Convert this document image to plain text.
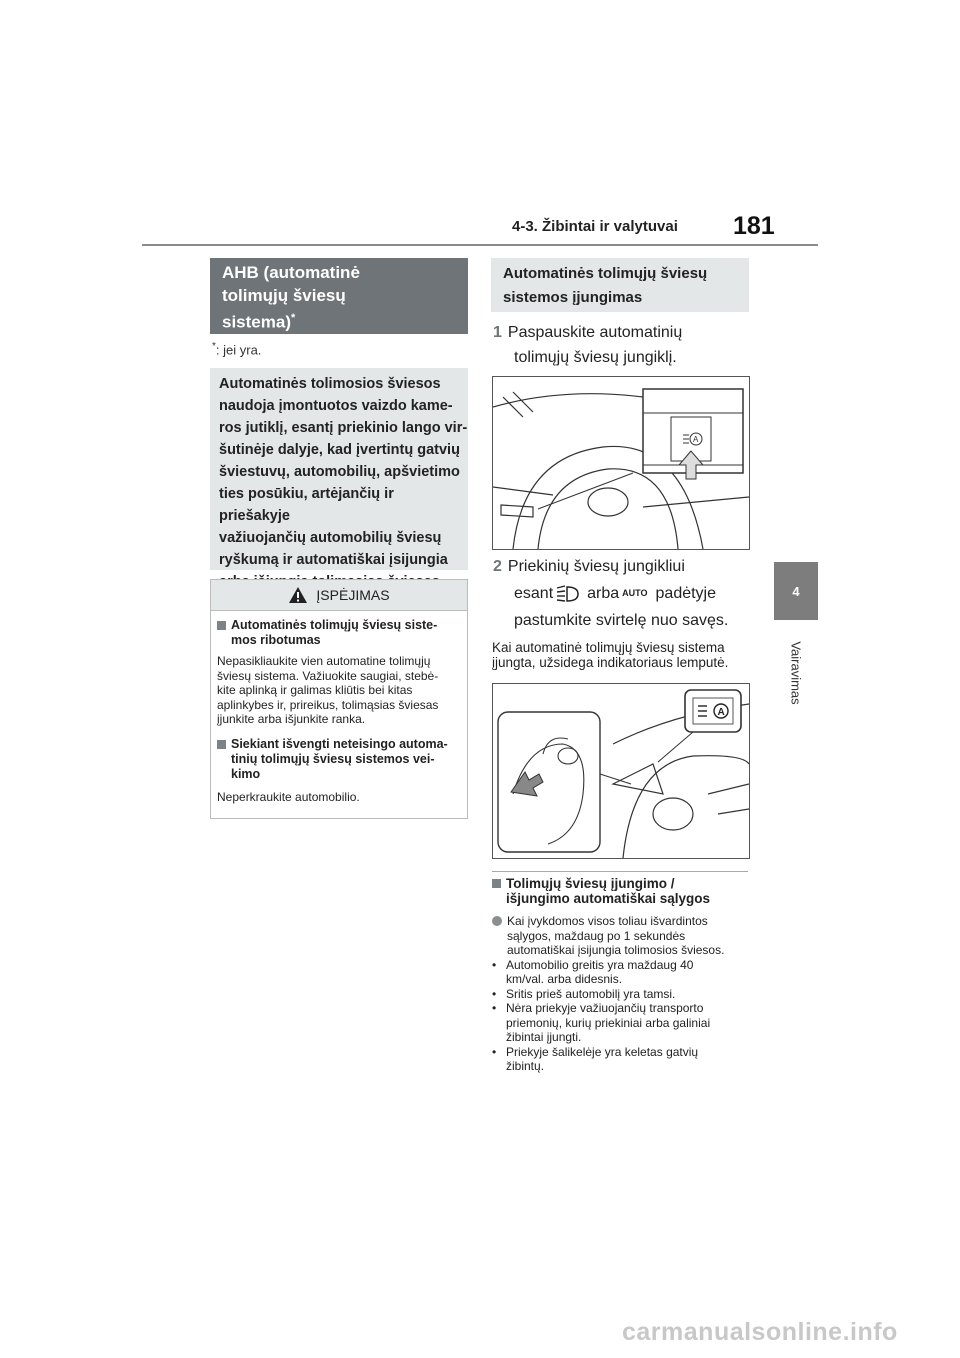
4-3. Žibintai ir valytuvai 181
4
Vairavimas
AHB (automatinė
tolimųjų šviesų
sistema)*
*: jei yra.
Automatinės tolimosios šviesos
naudoja įmontuotos vaizdo kame-
ros jutiklį, esantį priekinio lango vir-
šutinėje dalyje, kad įvertintų gatvių
šviestuvų, automobilių, apšvietimo
ties posūkiu, artėjančių ir priešakyje
važiuojančių automobilių šviesų
ryškumą ir automatiškai įsijungia
ĮSPĖJIMAS
Automatinės tolimųjų šviesų siste-
mos ribotumas
Nepasikliaukite vien automatine tolimųjų
šviesų sistema. Važiuokite saugiai, stebė-
kite aplinką ir galimas kliūtis bei kitas
aplinkybes ir, prireikus, tolimąsias šviesas
įjunkite arba išjunkite ranka.
Siekiant išvengti neteisingo automa-
tinių tolimųjų šviesų sistemos vei-
kimo
Neperkraukite automobilio.
Automatinės tolimųjų šviesų
sistemos įjungimas
1 Paspauskite automatinių
tolimųjų šviesų jungiklį.
A
2 Priekinių šviesų jungikliui
esant arba AUTO padėtyje
pastumkite svirtelę nuo savęs.
Kai automatinė tolimųjų šviesų sistema
įjungta, užsidega indikatoriaus lemputė.
A
Tolimųjų šviesų įjungimo /
išjungimo automatiškai sąlygos
Kai įvykdomos visos toliau išvardintos
sąlygos, maždaug po 1 sekundės
automatiškai įsijungia tolimosios šviesos.
• Automobilio greitis yra maždaug 40
km/val. arba didesnis.
• Sritis prieš automobilį yra tamsi.
• Nėra priekyje važiuojančių transporto
priemonių, kurių priekiniai arba galiniai
žibintai įjungti.
• Priekyje šalikelėje yra keletas gatvių
žibintų.
carmanualsonline.info
